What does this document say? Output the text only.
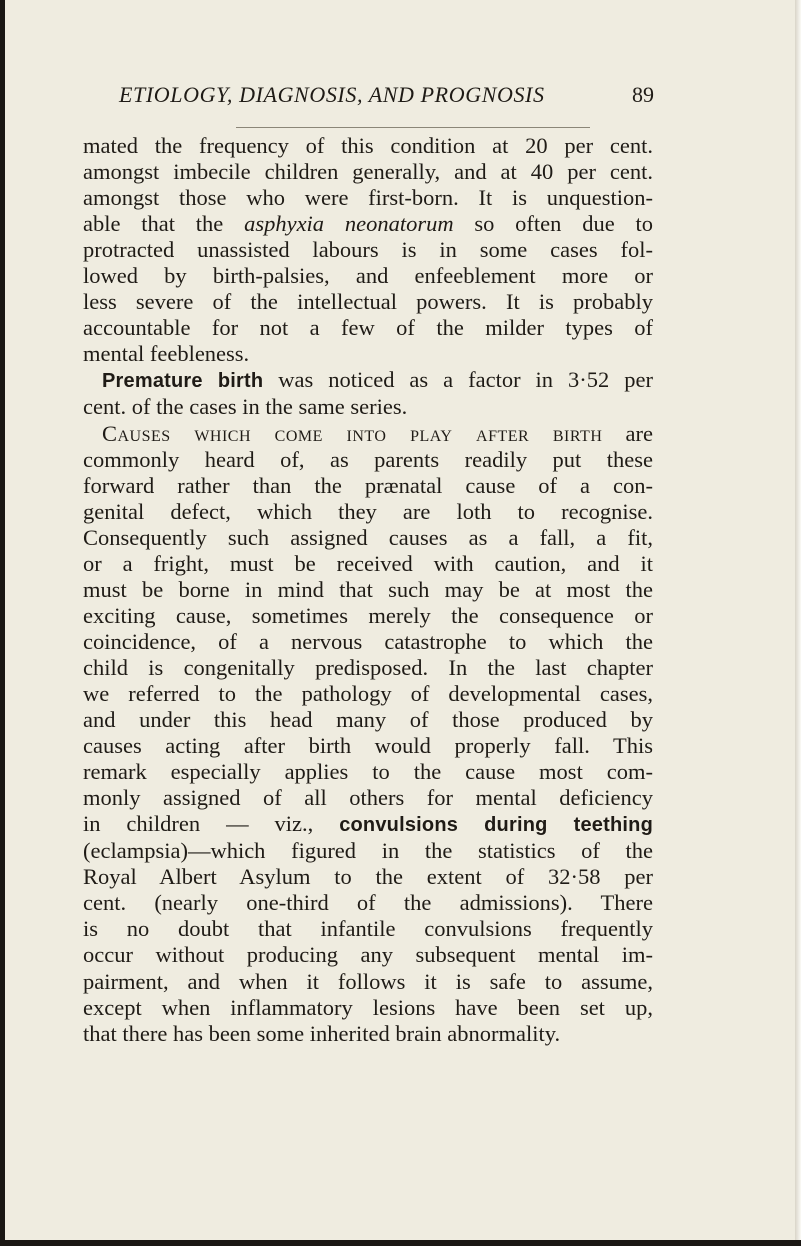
ETIOLOGY, DIAGNOSIS, AND PROGNOSIS	89
mated the frequency of this condition at 20 per cent.
amongst imbecile children generally, and at 40 per cent.
amongst those who were first-born. It is unquestion-
able that the asphyxia neonatorum so often due to
protracted unassisted labours is in some cases fol-
lowed by birth-palsies, and enfeeblement more or
less severe of the intellectual powers. It is probably
accountable for not a few of the milder types of
mental feebleness.
Premature birth was noticed as a factor in 3·52 per
cent. of the cases in the same series.
Causes which come into play after birth are
commonly heard of, as parents readily put these
forward rather than the prænatal cause of a con-
genital defect, which they are loth to recognise.
Consequently such assigned causes as a fall, a fit,
or a fright, must be received with caution, and it
must be borne in mind that such may be at most the
exciting cause, sometimes merely the consequence or
coincidence, of a nervous catastrophe to which the
child is congenitally predisposed. In the last chapter
we referred to the pathology of developmental cases,
and under this head many of those produced by
causes acting after birth would properly fall. This
remark especially applies to the cause most com-
monly assigned of all others for mental deficiency
in children — viz., convulsions during teething
(eclampsia)—which figured in the statistics of the
Royal Albert Asylum to the extent of 32·58 per
cent. (nearly one-third of the admissions). There
is no doubt that infantile convulsions frequently
occur without producing any subsequent mental im-
pairment, and when it follows it is safe to assume,
except when inflammatory lesions have been set up,
that there has been some inherited brain abnormality.
